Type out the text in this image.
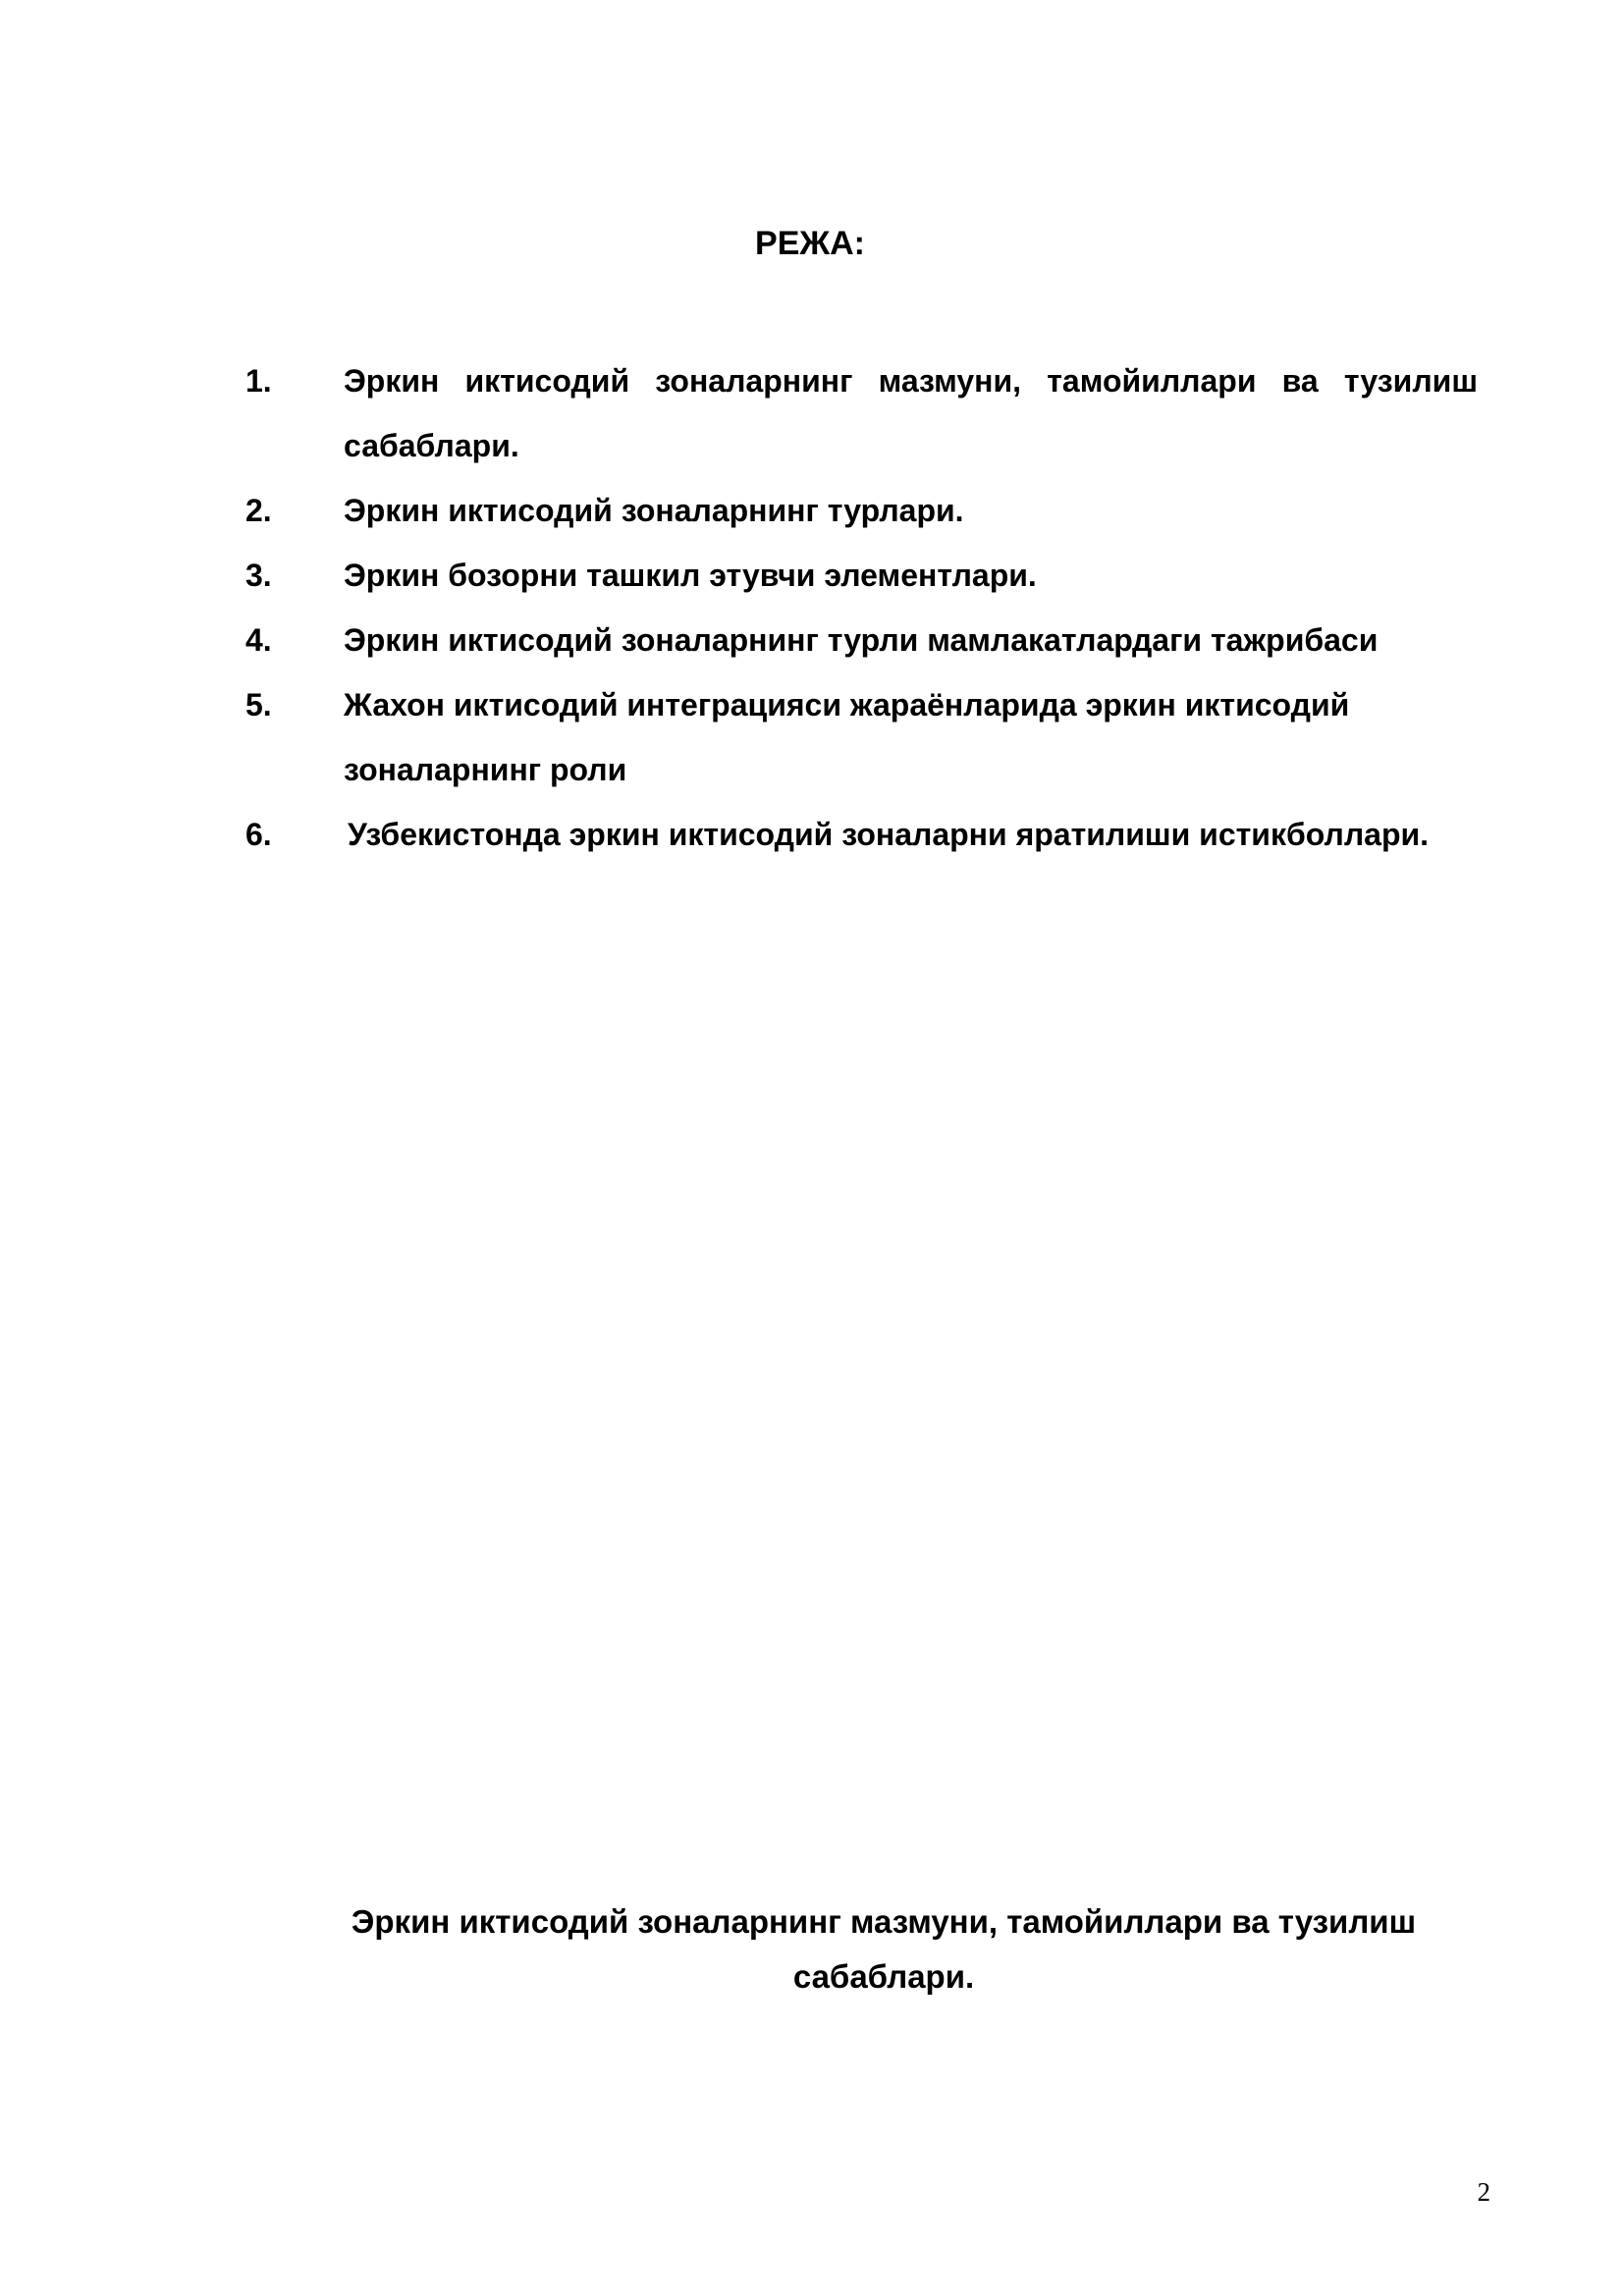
РЕЖА:
1.	Эркин иктисодий зоналарнинг мазмуни, тамойиллари ва тузилиш сабаблари.
2.	Эркин иктисодий зоналарнинг турлари.
3.	Эркин бозорни ташкил этувчи элементлари.
4.	Эркин иктисодий зоналарнинг турли мамлакатлардаги тажрибаси
5.	Жахон иктисодий интеграцияси жараёнларида эркин иктисодий зоналарнинг роли
6.	Узбекистонда эркин иктисодий зоналарни яратилиши истикболлари.
Эркин иктисодий зоналарнинг мазмуни, тамойиллари ва тузилиш сабаблари.
2
